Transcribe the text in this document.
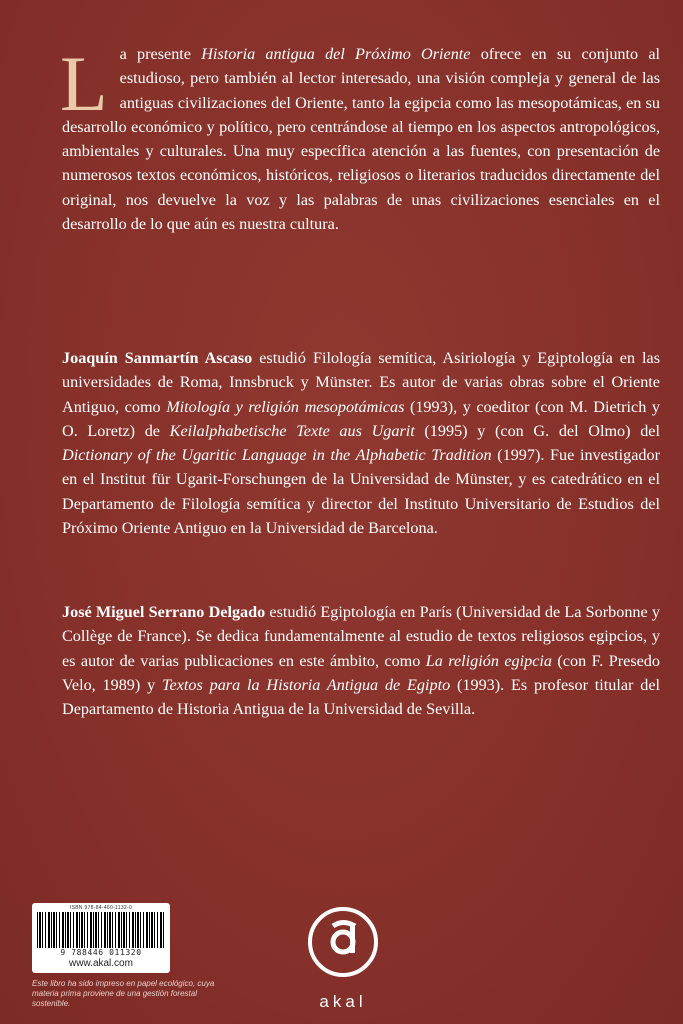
La presente Historia antigua del Próximo Oriente ofrece en su conjunto al estudioso, pero también al lector interesado, una visión compleja y general de las antiguas civilizaciones del Oriente, tanto la egipcia como las mesopotámicas, en su desarrollo económico y político, pero centrándose al tiempo en los aspectos antropológicos, ambientales y culturales. Una muy específica atención a las fuentes, con presentación de numerosos textos económicos, históricos, religiosos o literarios traducidos directamente del original, nos devuelve la voz y las palabras de unas civilizaciones esenciales en el desarrollo de lo que aún es nuestra cultura.
Joaquín Sanmartín Ascaso estudió Filología semítica, Asiriología y Egiptología en las universidades de Roma, Innsbruck y Münster. Es autor de varias obras sobre el Oriente Antiguo, como Mitología y religión mesopotámicas (1993), y coeditor (con M. Dietrich y O. Loretz) de Keilalphabetische Texte aus Ugarit (1995) y (con G. del Olmo) del Dictionary of the Ugaritic Language in the Alphabetic Tradition (1997). Fue investigador en el Institut für Ugarit-Forschungen de la Universidad de Münster, y es catedrático en el Departamento de Filología semítica y director del Instituto Universitario de Estudios del Próximo Oriente Antiguo en la Universidad de Barcelona.
José Miguel Serrano Delgado estudió Egiptología en París (Universidad de La Sorbonne y Collège de France). Se dedica fundamentalmente al estudio de textos religiosos egipcios, y es autor de varias publicaciones en este ámbito, como La religión egipcia (con F. Presedo Velo, 1989) y Textos para la Historia Antigua de Egipto (1993). Es profesor titular del Departamento de Historia Antigua de la Universidad de Sevilla.
ISBN 978-84-460-1132-0
9 788446 011320
www.akal.com
Este libro ha sido impreso en papel ecológico, cuya materia prima proviene de una gestión forestal sostenible.	akal
